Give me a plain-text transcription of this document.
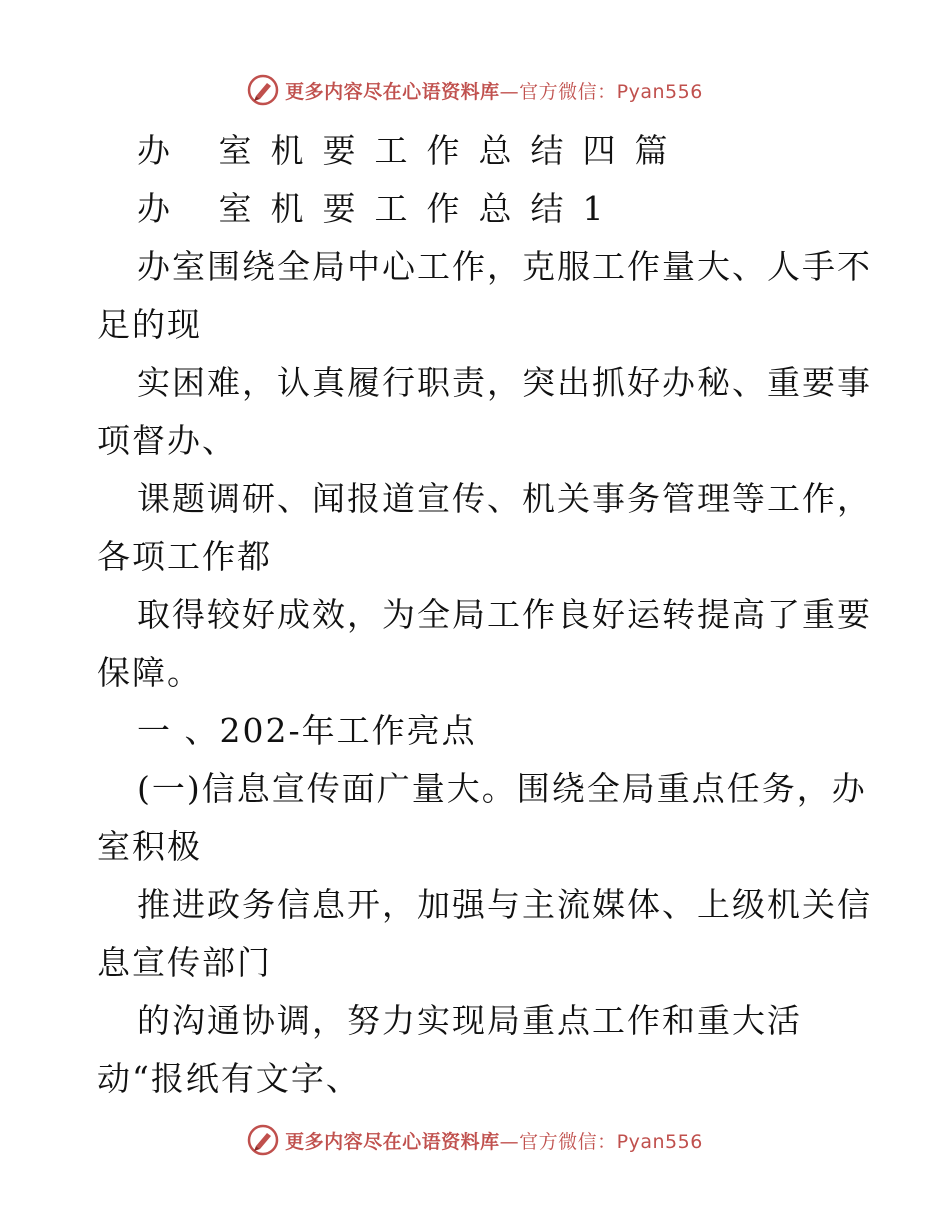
更多内容尽在心语资料库—官方微信：Pyan556
办 室机要工作总结四篇
办 室机要工作总结1
办室围绕全局中心工作，克服工作量大、人手不
足的现
实困难，认真履行职责，突出抓好办秘、重要事
项督办、
课题调研、闻报道宣传、机关事务管理等工作，
各项工作都
取得较好成效，为全局工作良好运转提高了重要
保障。
一 、202-年工作亮点
(一)信息宣传面广量大。围绕全局重点任务，办
室积极
推进政务信息开，加强与主流媒体、上级机关信
息宣传部门
的沟通协调，努力实现局重点工作和重大活
动“报纸有文字、
更多内容尽在心语资料库—官方微信：Pyan556
